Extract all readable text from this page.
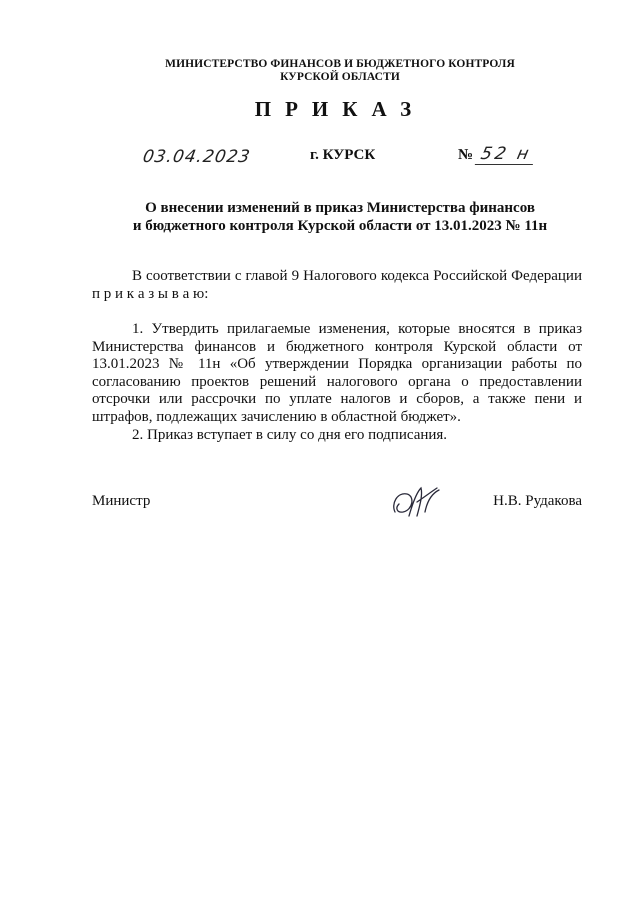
МИНИСТЕРСТВО ФИНАНСОВ И БЮДЖЕТНОГО КОНТРОЛЯ
КУРСКОЙ ОБЛАСТИ
ПРИКАЗ
03.04.2023	г. КУРСК	№ 52 н
О внесении изменений в приказ Министерства финансов
и бюджетного контроля Курской области от 13.01.2023 № 11н
В соответствии с главой 9 Налогового кодекса Российской Федерации п р и к а з ы в а ю:
1. Утвердить прилагаемые изменения, которые вносятся в приказ Министерства финансов и бюджетного контроля Курской области от 13.01.2023 № 11н «Об утверждении Порядка организации работы по согласованию проектов решений налогового органа о предоставлении отсрочки или рассрочки по уплате налогов и сборов, а также пени и штрафов, подлежащих зачислению в областной бюджет».
2. Приказ вступает в силу со дня его подписания.
Министр	Н.В. Рудакова
